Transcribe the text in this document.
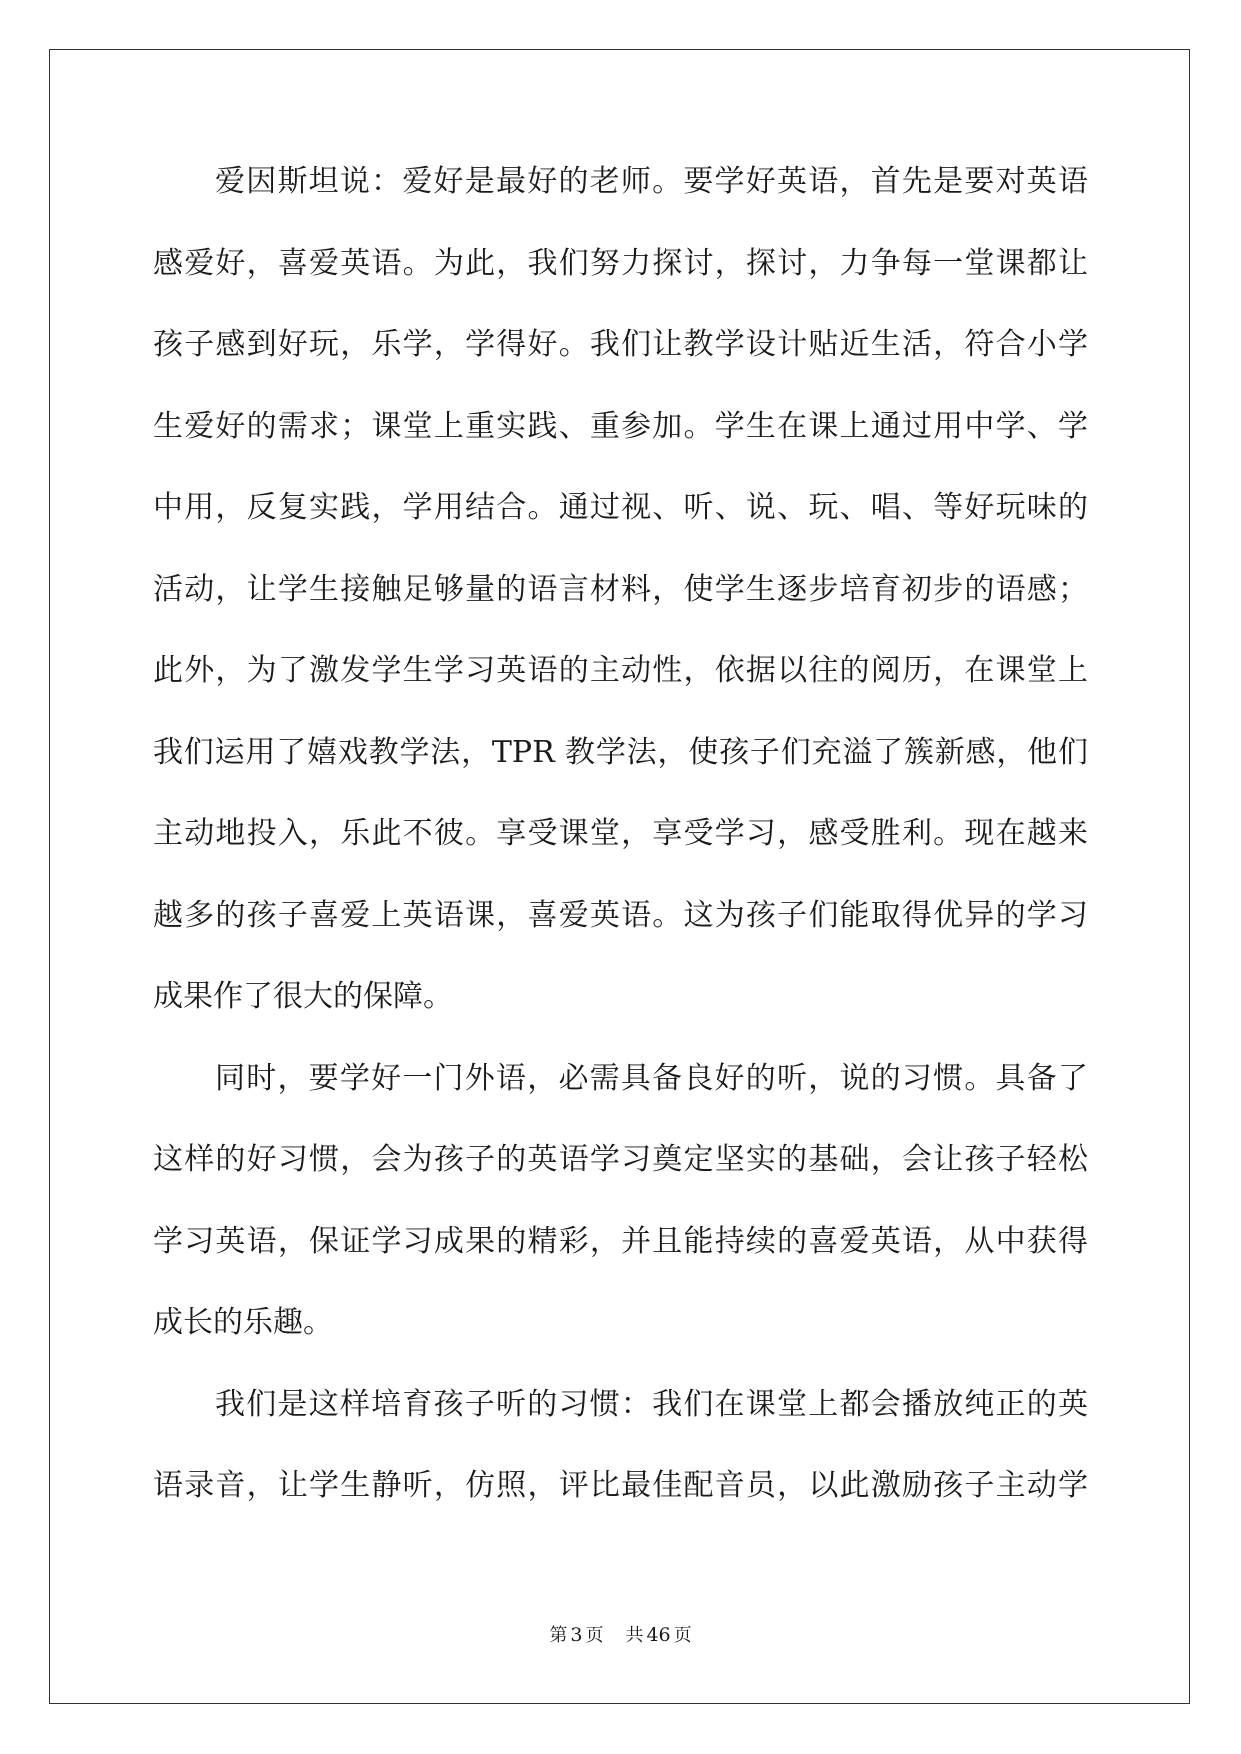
爱因斯坦说：爱好是最好的老师。要学好英语，首先是要对英语
感爱好，喜爱英语。为此，我们努力探讨，探讨，力争每一堂课都让
孩子感到好玩，乐学，学得好。我们让教学设计贴近生活，符合小学
生爱好的需求；课堂上重实践、重参加。学生在课上通过用中学、学
中用，反复实践，学用结合。通过视、听、说、玩、唱、等好玩味的
活动，让学生接触足够量的语言材料，使学生逐步培育初步的语感；
此外，为了激发学生学习英语的主动性，依据以往的阅历，在课堂上
我们运用了嬉戏教学法，TPR 教学法，使孩子们充溢了簇新感，他们
主动地投入，乐此不彼。享受课堂，享受学习，感受胜利。现在越来
越多的孩子喜爱上英语课，喜爱英语。这为孩子们能取得优异的学习
成果作了很大的保障。
同时，要学好一门外语，必需具备良好的听，说的习惯。具备了
这样的好习惯，会为孩子的英语学习奠定坚实的基础，会让孩子轻松
学习英语，保证学习成果的精彩，并且能持续的喜爱英语，从中获得
成长的乐趣。
我们是这样培育孩子听的习惯：我们在课堂上都会播放纯正的英
语录音，让学生静听，仿照，评比最佳配音员，以此激励孩子主动学
第 3 页 共 46 页
